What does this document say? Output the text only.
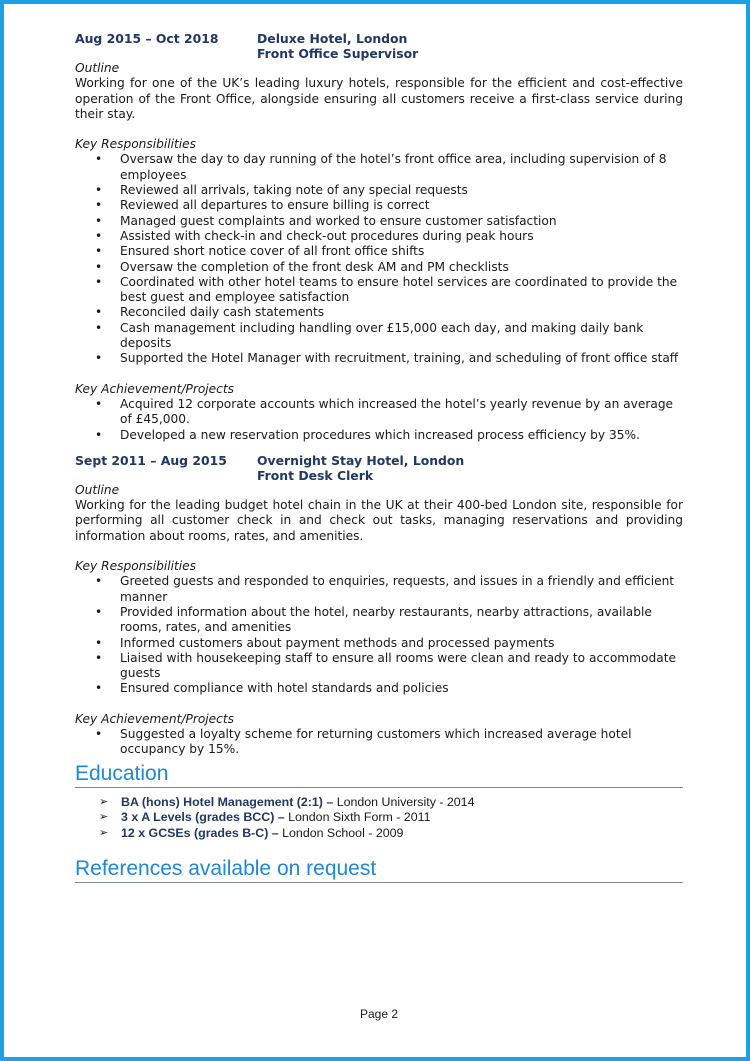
Aug 2015 – Oct 2018	Deluxe Hotel, London
Front Office Supervisor
Outline
Working for one of the UK’s leading luxury hotels, responsible for the efficient and cost-effective operation of the Front Office, alongside ensuring all customers receive a first-class service during their stay.
Key Responsibilities
• Oversaw the day to day running of the hotel’s front office area, including supervision of 8 employees
• Reviewed all arrivals, taking note of any special requests
• Reviewed all departures to ensure billing is correct
• Managed guest complaints and worked to ensure customer satisfaction
• Assisted with check-in and check-out procedures during peak hours
• Ensured short notice cover of all front office shifts
• Oversaw the completion of the front desk AM and PM checklists
• Coordinated with other hotel teams to ensure hotel services are coordinated to provide the best guest and employee satisfaction
• Reconciled daily cash statements
• Cash management including handling over £15,000 each day, and making daily bank deposits
• Supported the Hotel Manager with recruitment, training, and scheduling of front office staff
Key Achievement/Projects
• Acquired 12 corporate accounts which increased the hotel’s yearly revenue by an average of £45,000.
• Developed a new reservation procedures which increased process efficiency by 35%.
Sept 2011 – Aug 2015	Overnight Stay Hotel, London
Front Desk Clerk
Outline
Working for the leading budget hotel chain in the UK at their 400-bed London site, responsible for performing all customer check in and check out tasks, managing reservations and providing information about rooms, rates, and amenities.
Key Responsibilities
• Greeted guests and responded to enquiries, requests, and issues in a friendly and efficient manner
• Provided information about the hotel, nearby restaurants, nearby attractions, available rooms, rates, and amenities
• Informed customers about payment methods and processed payments
• Liaised with housekeeping staff to ensure all rooms were clean and ready to accommodate guests
• Ensured compliance with hotel standards and policies
Key Achievement/Projects
• Suggested a loyalty scheme for returning customers which increased average hotel occupancy by 15%.
Education
➢ BA (hons) Hotel Management (2:1) – London University - 2014
➢ 3 x A Levels (grades BCC) – London Sixth Form - 2011
➢ 12 x GCSEs (grades B-C) – London School - 2009
References available on request
Page 2
